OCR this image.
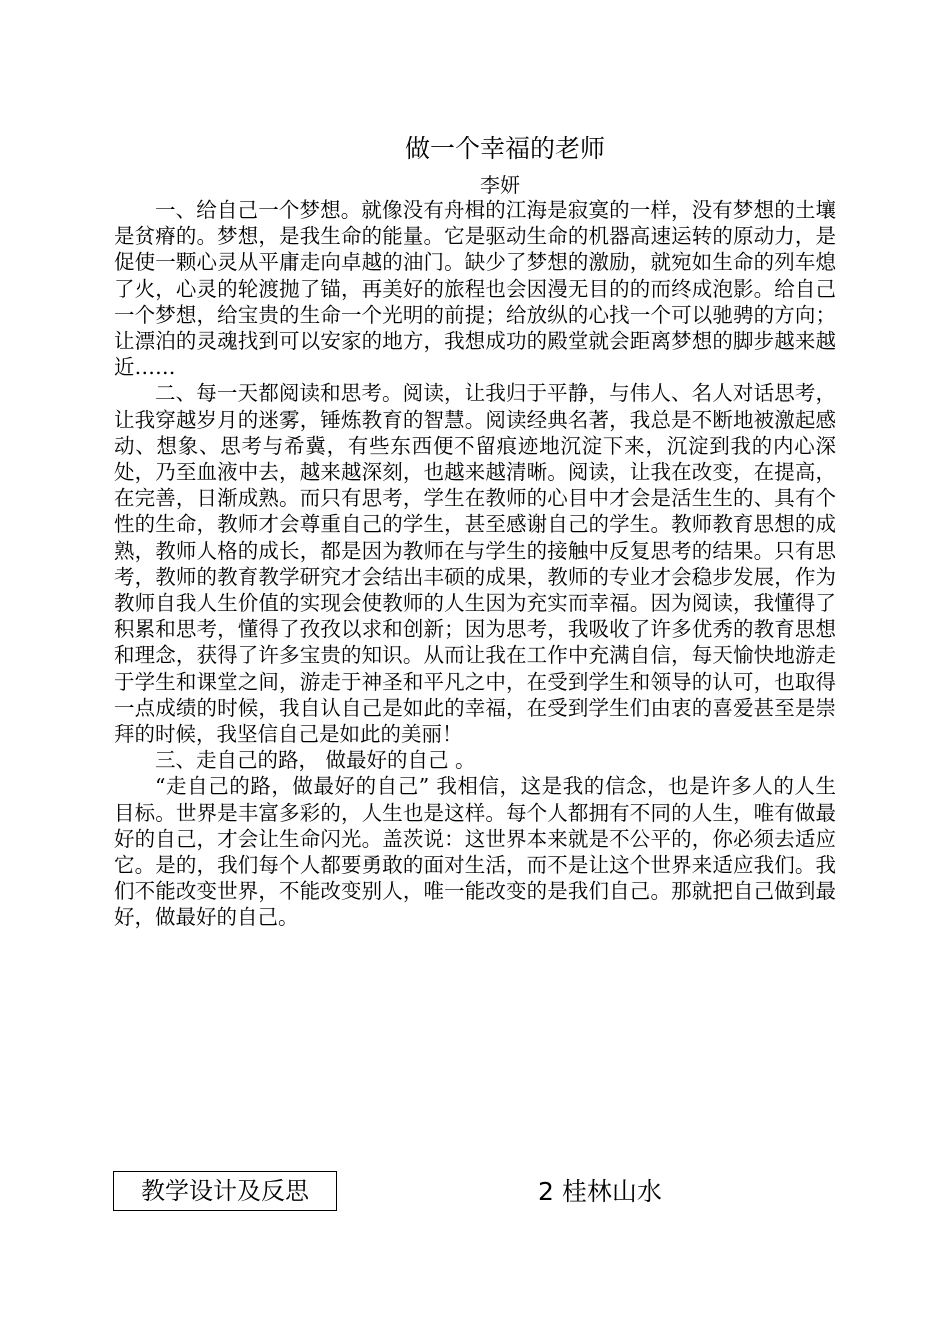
做一个幸福的老师
李妍

一、给自己一个梦想。就像没有舟楫的江海是寂寞的一样，没有梦想的土壤是贫瘠的。梦想，是我生命的能量。它是驱动生命的机器高速运转的原动力，是促使一颗心灵从平庸走向卓越的油门。缺少了梦想的激励，就宛如生命的列车熄了火，心灵的轮渡抛了锚，再美好的旅程也会因漫无目的的而终成泡影。给自己一个梦想，给宝贵的生命一个光明的前提；给放纵的心找一个可以驰骋的方向；让漂泊的灵魂找到可以安家的地方，我想成功的殿堂就会距离梦想的脚步越来越近……

二、每一天都阅读和思考。阅读，让我归于平静，与伟人、名人对话思考，让我穿越岁月的迷雾，锤炼教育的智慧。阅读经典名著，我总是不断地被激起感动、想象、思考与希冀，有些东西便不留痕迹地沉淀下来，沉淀到我的内心深处，乃至血液中去，越来越深刻，也越来越清晰。阅读，让我在改变，在提高，在完善，日渐成熟。而只有思考，学生在教师的心目中才会是活生生的、具有个性的生命，教师才会尊重自己的学生，甚至感谢自己的学生。教师教育思想的成熟，教师人格的成长，都是因为教师在与学生的接触中反复思考的结果。只有思考，教师的教育教学研究才会结出丰硕的成果，教师的专业才会稳步发展，作为教师自我人生价值的实现会使教师的人生因为充实而幸福。因为阅读，我懂得了积累和思考，懂得了孜孜以求和创新；因为思考，我吸收了许多优秀的教育思想和理念，获得了许多宝贵的知识。从而让我在工作中充满自信，每天愉快地游走于学生和课堂之间，游走于神圣和平凡之中，在受到学生和领导的认可，也取得一点成绩的时候，我自认自己是如此的幸福，在受到学生们由衷的喜爱甚至是崇拜的时候，我坚信自己是如此的美丽！

三、走自己的路， 做最好的自己 。

“走自己的路，做最好的自己” 我相信，这是我的信念，也是许多人的人生目标。世界是丰富多彩的，人生也是这样。每个人都拥有不同的人生，唯有做最好的自己，才会让生命闪光。盖茨说：这世界本来就是不公平的，你必须去适应它。是的，我们每个人都要勇敢的面对生活，而不是让这个世界来适应我们。我们不能改变世界，不能改变别人，唯一能改变的是我们自己。那就把自己做到最好，做最好的自己。

教学设计及反思	2 桂林山水
